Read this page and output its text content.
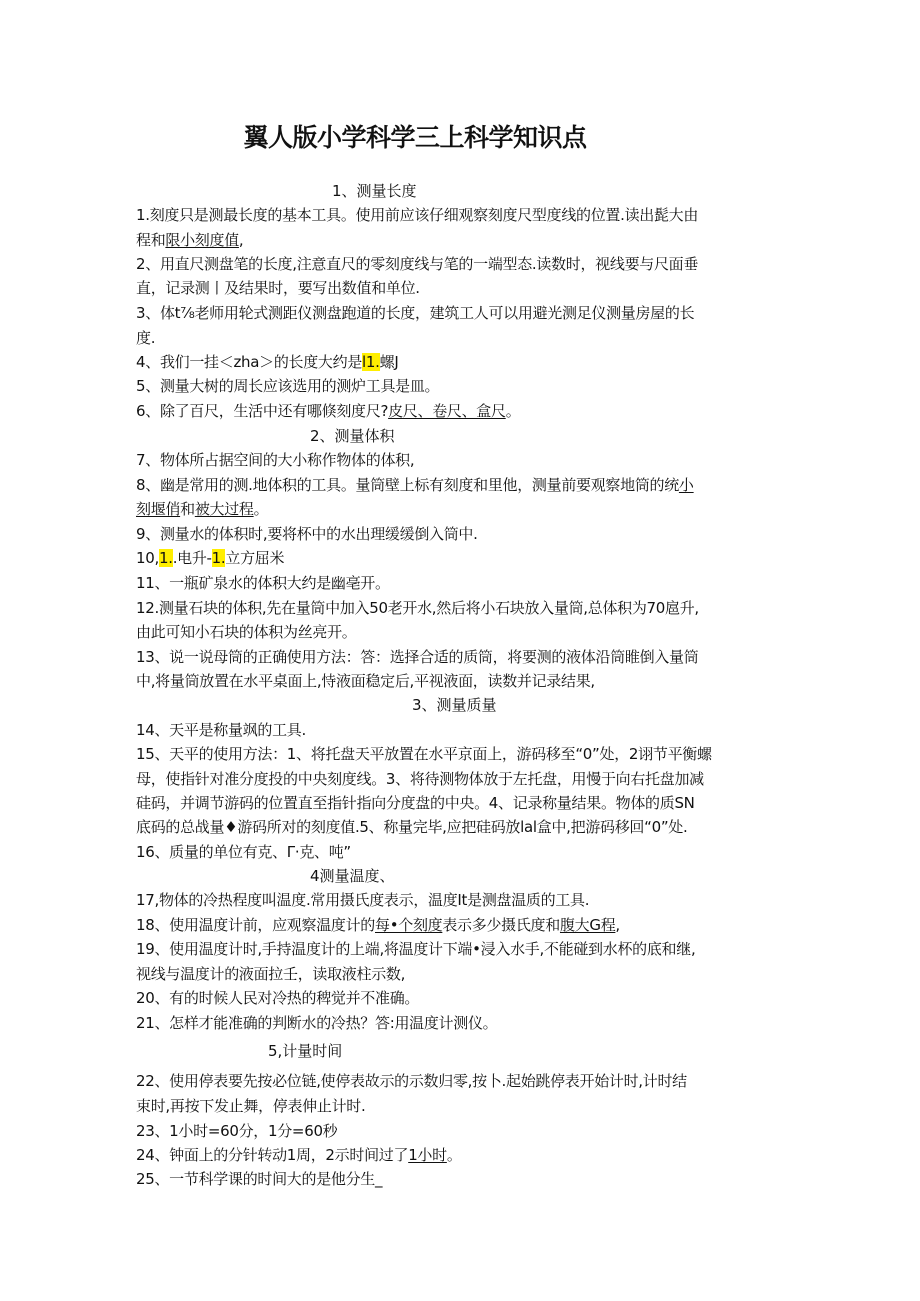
翼人版小学科学三上科学知识点
1、测量长度
1.刻度只是测最长度的基本工具。使用前应该仔细观察刻度尺型度线的位置.读出髭大由
程和限小刻度值,
2、用直尺测盘笔的长度,注意直尺的零刻度线与笔的一端型态.读数时，视线要与尺面垂
直，记录测丨及结果时，要写出数值和单位.
3、体t⅞老师用轮式测距仪测盘跑道的长度，建筑工人可以用避光测足仪测量房屋的长
度.
4、我们一挂＜zha＞的长度大约是l1.螺J
5、测量大树的周长应该选用的测炉工具是皿。
6、除了百尺，生活中还有哪倏刻度尺?皮尺、卷尺、盒尺。
2、测量体积
7、物体所占据空间的大小称作物体的体积,
8、幽是常用的测.地体积的工具。量筒壁上标有刻度和里他，测量前要观察地筒的统小
刻堰俏和被大过程。
9、测量水的体积时,要将杯中的水出理缓缓倒入筒中.
10,1..电升-1.立方屈米
11、一瓶矿泉水的体积大约是幽亳开。
12.测量石块的体积,先在量筒中加入50老开水,然后将小石块放入量筒,总体积为70扈升,
由此可知小石块的体积为丝亮开。
13、说一说母筒的正确使用方法：答：选择合适的质筒，将要测的液体沿筒睢倒入量筒
中,将量筒放置在水平桌面上,恃液面稳定后,平视液面，读数并记录结果,
3、测量质量
14、天平是称量飒的工具.
15、天平的使用方法：1、将托盘天平放置在水平京面上，游码移至“0”处，2诩节平衡螺
母，使指针对准分度投的中央刻度线。3、将待测物体放于左托盘，用慢于向右托盘加减
硅码，并调节游码的位置直至指针指向分度盘的中央。4、记录称量结果。物体的质SN
底码的总战量♦游码所对的刻度值.5、称量完毕,应把硅码放lal盒中,把游码移回“0”处.
16、质量的单位有克、Γ·克、吨”
4测量温度、
17,物体的冷热程度叫温度.常用摄氏度表示，温度It是测盘温质的工具.
18、使用温度计前，应观察温度计的每•个刻度表示多少摄氏度和腹大G程,
19、使用温度计时,手持温度计的上端,将温度计下端•浸入水手,不能碰到水杯的底和继,
视线与温度计的液面拉壬，读取液柱示数,
20、有的时候人民对冷热的稗觉并不准确。
21、怎样才能准确的判断水的冷热？答:用温度计测仪。
5,计量时间
22、使用停表要先按必位链,使停表故示的示数归零,按卜.起始跳停表开始计时,计时结
束时,再按下发止舞，停表伸止计时.
23、1小时=60分，1分=60秒
24、钟面上的分针转动1周，2示时间过了1小时。
25、一节科学课的时间大的是他分生_
